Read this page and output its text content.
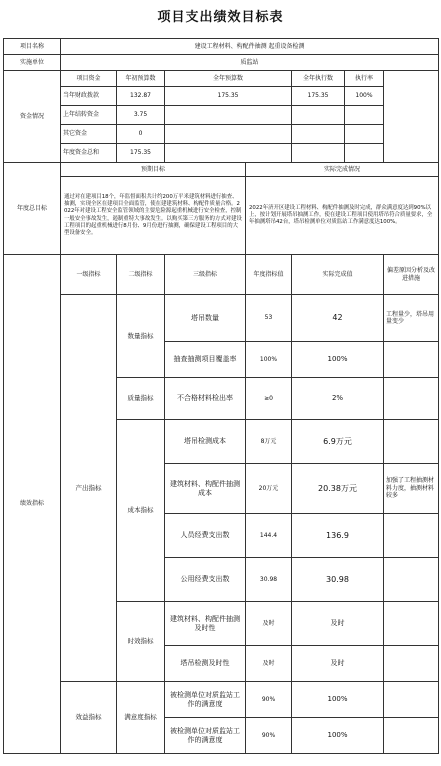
项目支出绩效目标表
项目名称	建设工程材料、构配件抽测 起重设备检测						
实施单位	质监站						
资金情况	项目资金	年初预算数	全年预算数		全年执行数	执行率	
	当年财政拨款	132.87	175.35		175.35	100%	
	上年结转资金	3.75					
	其它资金	0					
	年度资金总和	175.35					
年度总目标	预期目标			实际完成情况			
	通过对在建项目18个，年监督面积共计约200万平米建筑材料进行抽查、抽测，实现全区在建项目全面监管，使在建建筑材料、构配件质量合格。2022年对建设工程安全监管领域的主要危险源起重机械进行安全检查，控制一般安全事故发生，遏制重特大事故发生。以购买第三方服务的方式对建设工程项目的起重机械进行8月份、9月份进行抽测，确保建设工程项目的大型设备安全。			2022年济开区建设工程材料、构配件抽测及时完成，群众满意度达到90%以上，按计划开展塔吊抽测工作，使在建设工程项目使用塔吊符合质量要求，全年抽测塔吊42台，塔吊检测单位对质监站工作满意度达100%。			
绩效指标	一级指标	二级指标	三级指标	年度指标值	实际完成值		偏差原因分析及改进措施
	产出指标	数量指标	塔吊数量	53	42		工程量少，塔吊用量变少
			抽查抽测项目覆盖率	100%	100%		
		质量指标	不合格材料检出率	≥0	2%		
		成本指标	塔吊检测成本	8万元	6.9万元		
			建筑材料、构配件抽测成本	20万元	20.38万元		加强了工程抽测材料力度，抽测材料较多
			人员经费支出数	144.4	136.9		
			公用经费支出数	30.98	30.98		
		时效指标	建筑材料、构配件抽测及时性	及时	及时		
			塔吊检测及时性	及时	及时		
	效益指标	满意度指标	被检测单位对质监站工作的满意度	90%	100%		
			被检测单位对质监站工作的满意度	90%	100%		
